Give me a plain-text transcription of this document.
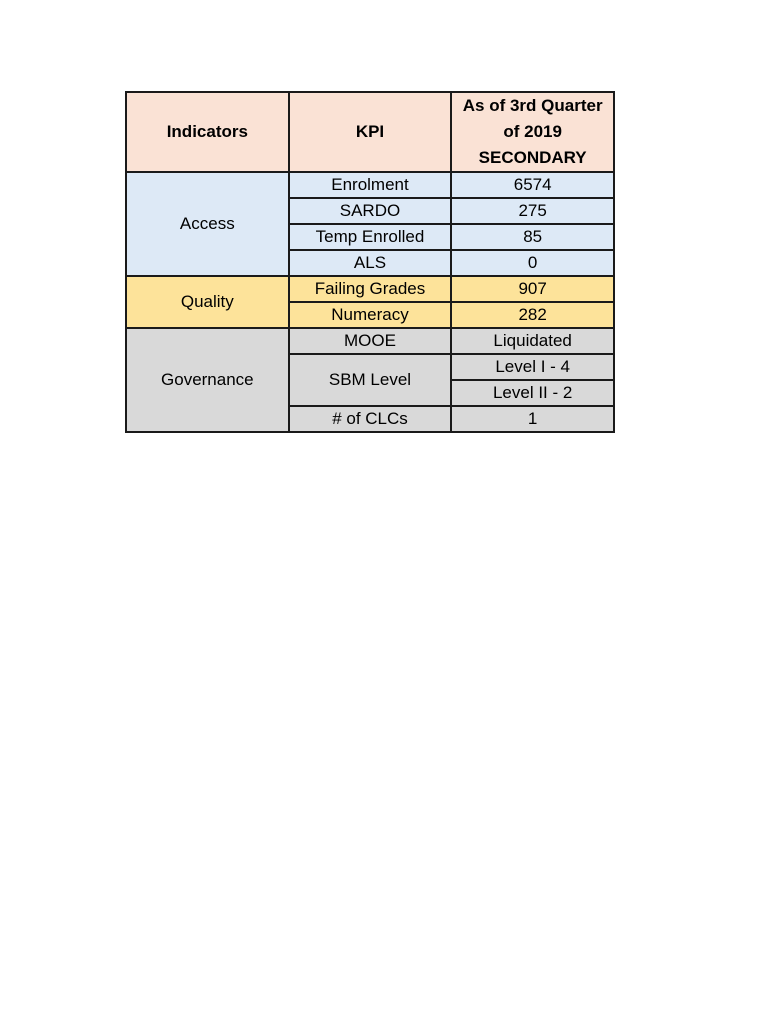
Indicators	KPI	As of 3rd Quarter
of 2019
SECONDARY

Access	Enrolment	6574
	SARDO	275
	Temp Enrolled	85
	ALS	0
Quality	Failing Grades	907
	Numeracy	282
Governance	MOOE	Liquidated
	SBM Level	Level I - 4
		Level II - 2
	# of CLCs	1
